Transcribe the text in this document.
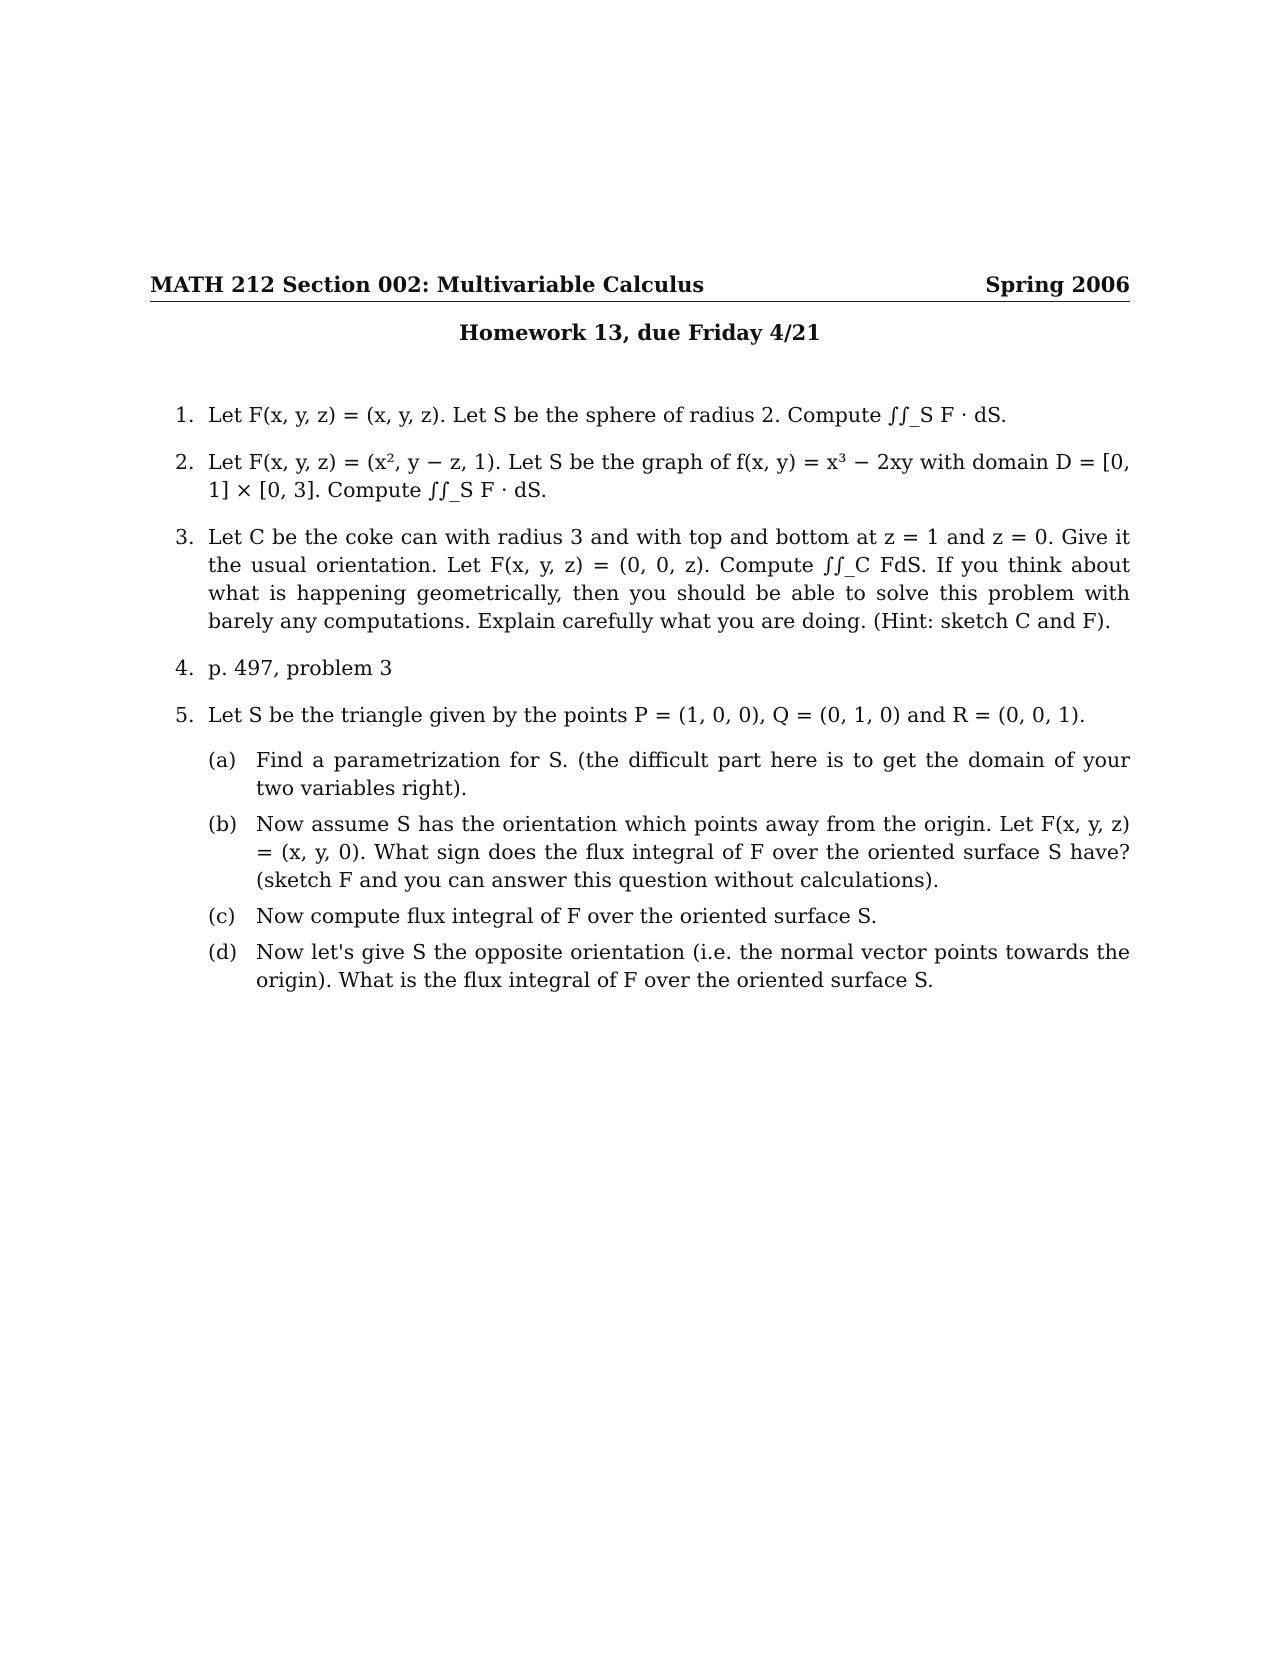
MATH 212 Section 002: Multivariable Calculus	Spring 2006
Homework 13, due Friday 4/21
1. Let F(x, y, z) = (x, y, z). Let S be the sphere of radius 2. Compute ∫∫_S F · dS.
2. Let F(x, y, z) = (x², y − z, 1). Let S be the graph of f(x, y) = x³ − 2xy with domain D = [0, 1] × [0, 3]. Compute ∫∫_S F · dS.
3. Let C be the coke can with radius 3 and with top and bottom at z = 1 and z = 0. Give it the usual orientation. Let F(x, y, z) = (0, 0, z). Compute ∫∫_C FdS. If you think about what is happening geometrically, then you should be able to solve this problem with barely any computations. Explain carefully what you are doing. (Hint: sketch C and F).
4. p. 497, problem 3
5. Let S be the triangle given by the points P = (1, 0, 0), Q = (0, 1, 0) and R = (0, 0, 1).
(a) Find a parametrization for S. (the difficult part here is to get the domain of your two variables right).
(b) Now assume S has the orientation which points away from the origin. Let F(x, y, z) = (x, y, 0). What sign does the flux integral of F over the oriented surface S have? (sketch F and you can answer this question without calculations).
(c)	Now compute flux integral of F over the oriented surface S.
(d) Now let's give S the opposite orientation (i.e. the normal vector points towards the origin). What is the flux integral of F over the oriented surface S.
